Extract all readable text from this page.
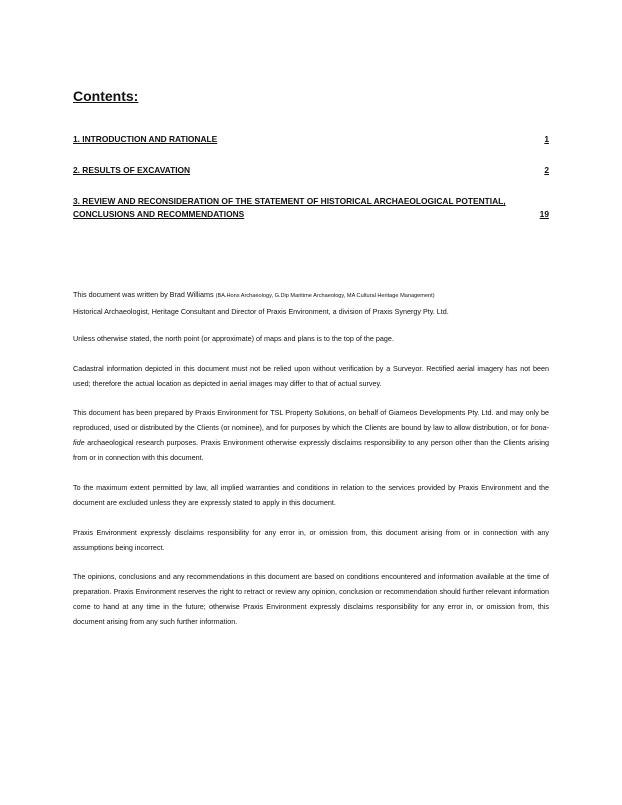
Contents:
1. INTRODUCTION AND RATIONALE	1
2. RESULTS OF EXCAVATION	2
3. REVIEW AND RECONSIDERATION OF THE STATEMENT OF HISTORICAL ARCHAEOLOGICAL POTENTIAL,
CONCLUSIONS AND RECOMMENDATIONS	19
This document was written by Brad Williams (BA.Hons Archaeology, G.Dip Maritime Archaeology, MA Cultural Heritage Management)
Historical Archaeologist, Heritage Consultant and Director of Praxis Environment, a division of Praxis Synergy Pty. Ltd.
Unless otherwise stated, the north point (or approximate) of maps and plans is to the top of the page.
Cadastral information depicted in this document must not be relied upon without verification by a Surveyor. Rectified aerial imagery has not been used; therefore the actual location as depicted in aerial images may differ to that of actual survey.
This document has been prepared by Praxis Environment for TSL Property Solutions, on behalf of Giameos Developments Pty. Ltd. and may only be reproduced, used or distributed by the Clients (or nominee), and for purposes by which the Clients are bound by law to allow distribution, or for bona-fide archaeological research purposes. Praxis Environment otherwise expressly disclaims responsibility to any person other than the Clients arising from or in connection with this document.
To the maximum extent permitted by law, all implied warranties and conditions in relation to the services provided by Praxis Environment and the document are excluded unless they are expressly stated to apply in this document.
Praxis Environment expressly disclaims responsibility for any error in, or omission from, this document arising from or in connection with any assumptions being incorrect.
The opinions, conclusions and any recommendations in this document are based on conditions encountered and information available at the time of preparation. Praxis Environment reserves the right to retract or review any opinion, conclusion or recommendation should further relevant information come to hand at any time in the future; otherwise Praxis Environment expressly disclaims responsibility for any error in, or omission from, this document arising from any such further information.
